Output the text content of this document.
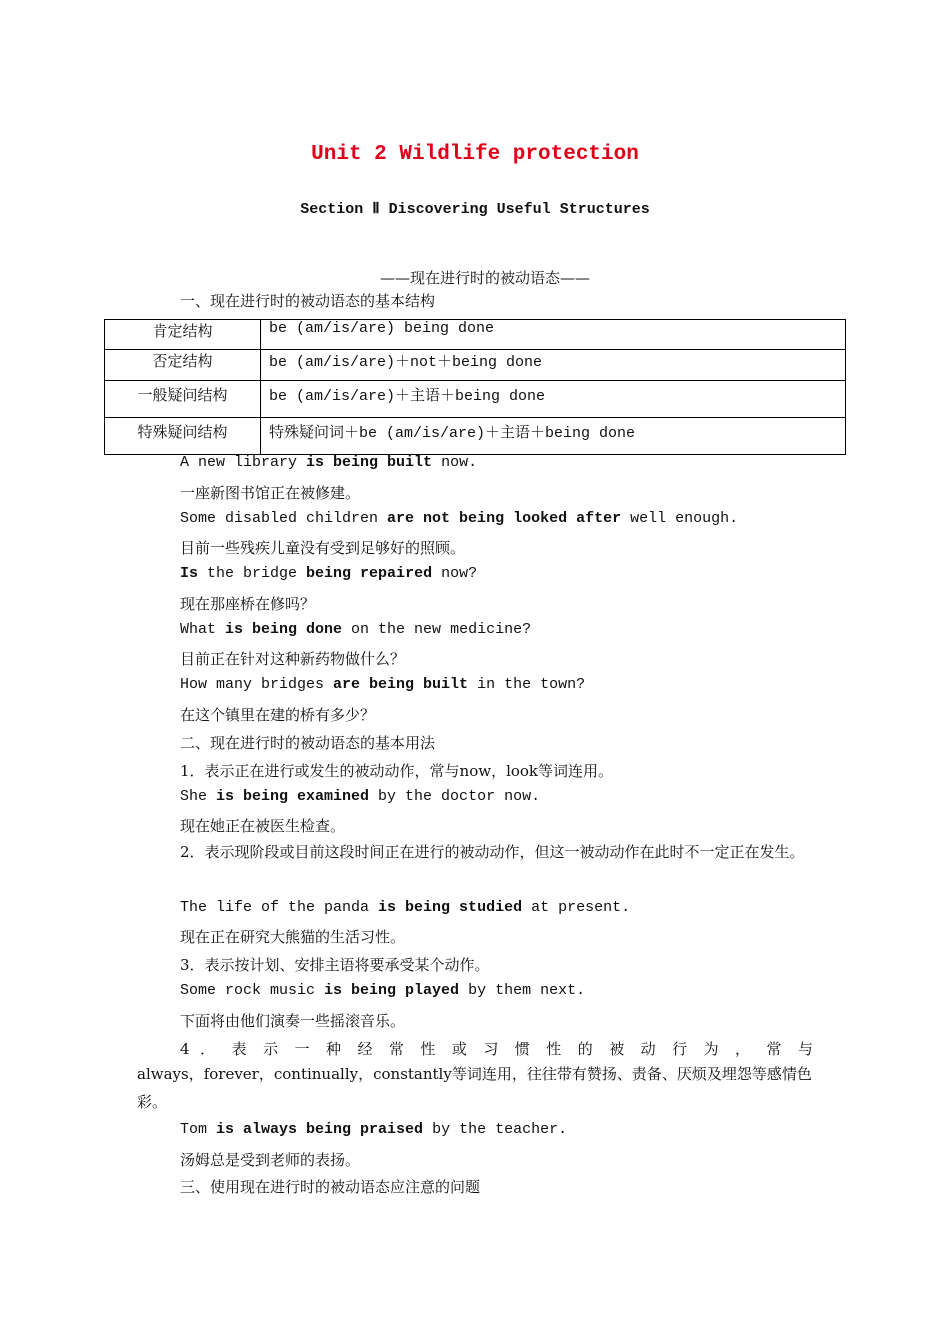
Unit 2 Wildlife protection
Section Ⅱ Discovering Useful Structures
——现在进行时的被动语态——
一、现在进行时的被动语态的基本结构
肯定结构	be (am/is/are) being done
否定结构	be (am/is/are)＋not＋being done
一般疑问结构	be (am/is/are)＋主语＋being done
特殊疑问结构	特殊疑问词＋be (am/is/are)＋主语＋being done
A new library is being built now.
一座新图书馆正在被修建。
Some disabled children are not being looked after well enough.
目前一些残疾儿童没有受到足够好的照顾。
Is the bridge being repaired now?
现在那座桥在修吗？
What is being done on the new medicine?
目前正在针对这种新药物做什么？
How many bridges are being built in the town?
在这个镇里在建的桥有多少？
二、现在进行时的被动语态的基本用法
1．表示正在进行或发生的被动动作，常与now，look等词连用。
She is being examined by the doctor now.
现在她正在被医生检查。
2．表示现阶段或目前这段时间正在进行的被动动作，但这一被动动作在此时不一定正在发生。
The life of the panda is being studied at present.
现在正在研究大熊猫的生活习性。
3．表示按计划、安排主语将要承受某个动作。
Some rock music is being played by them next.
下面将由他们演奏一些摇滚音乐。
4 ． 表 示 一 种 经 常 性 或 习 惯 性 的 被 动 行 为 ， 常 与
always，forever，continually，constantly等词连用，往往带有赞扬、责备、厌烦及埋怨等感情色彩。
Tom is always being praised by the teacher.
汤姆总是受到老师的表扬。
三、使用现在进行时的被动语态应注意的问题
